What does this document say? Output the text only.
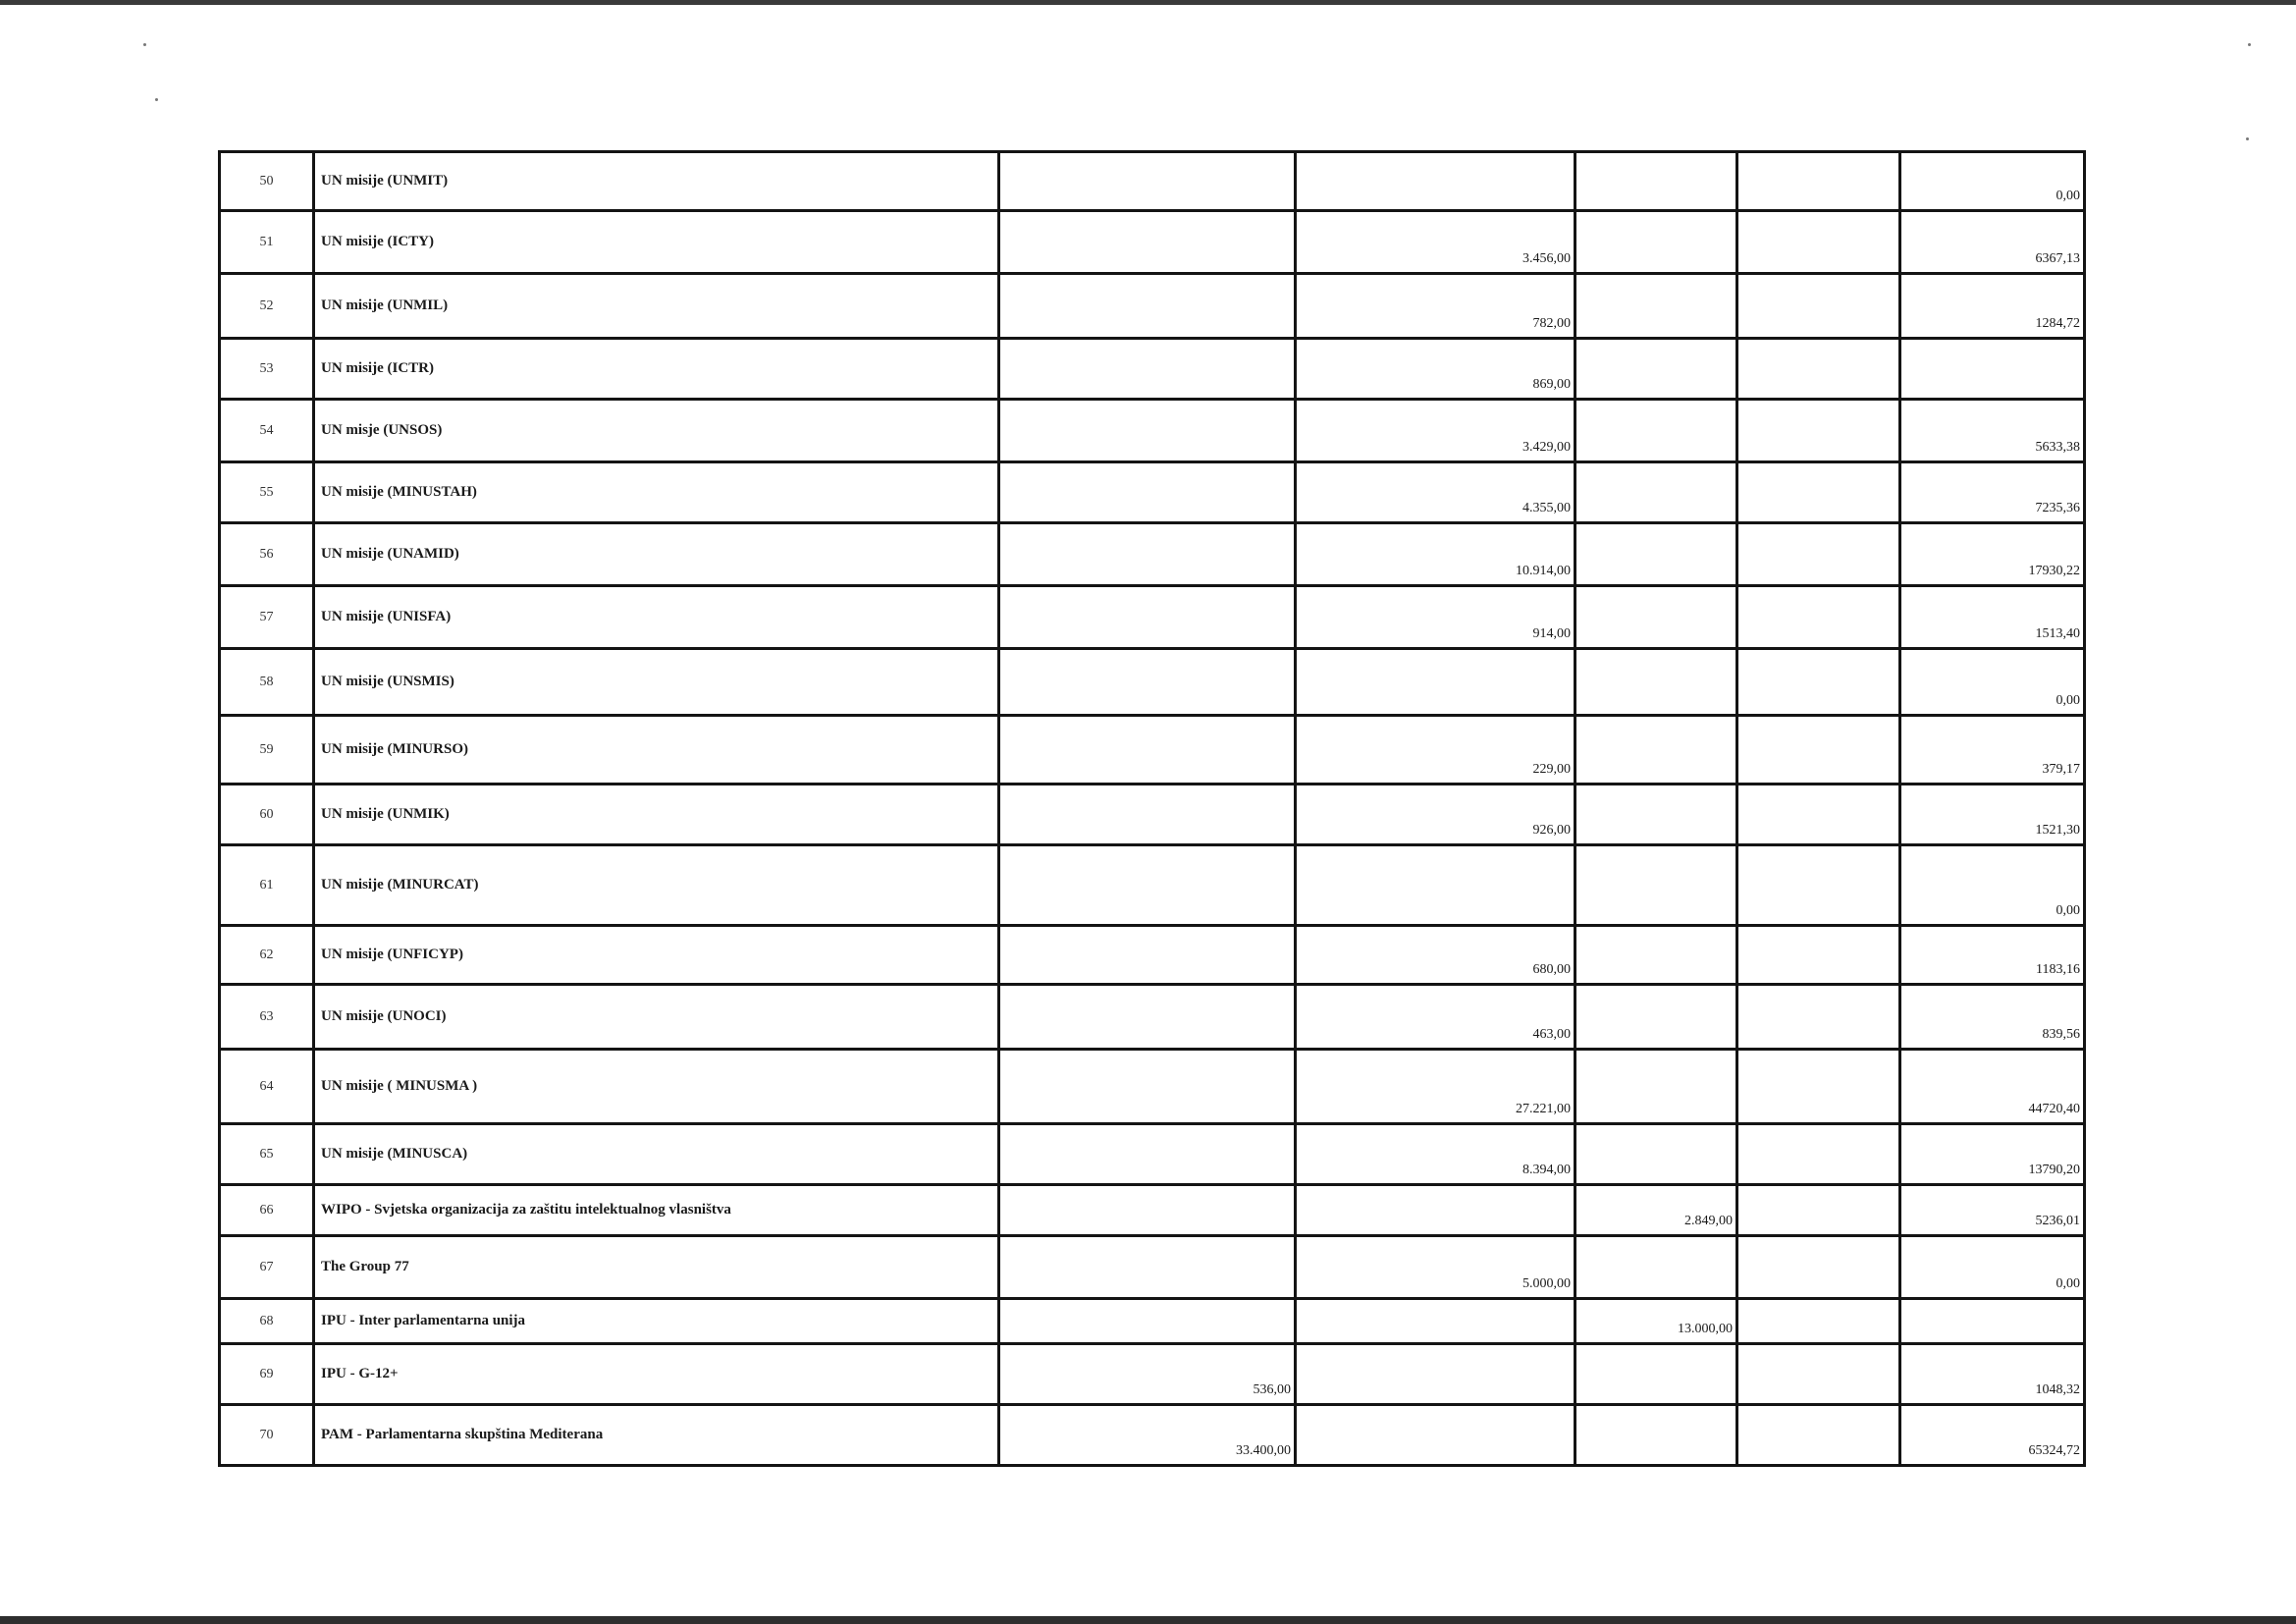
50	UN misije (UNMIT)					0,00
51	UN misije (ICTY)		3.456,00			6367,13
52	UN misije (UNMIL)		782,00			1284,72
53	UN misije (ICTR)		869,00			
54	UN misje (UNSOS)		3.429,00			5633,38
55	UN misije (MINUSTAH)		4.355,00			7235,36
56	UN misije (UNAMID)		10.914,00			17930,22
57	UN misije (UNISFA)		914,00			1513,40
58	UN misije (UNSMIS)					0,00
59	UN misije (MINURSO)		229,00			379,17
60	UN misije (UNMIK)		926,00			1521,30
61	UN misije (MINURCAT)					0,00
62	UN misije (UNFICYP)		680,00			1183,16
63	UN misije (UNOCI)		463,00			839,56
64	UN misije ( MINUSMA )		27.221,00			44720,40
65	UN misije (MINUSCA)		8.394,00			13790,20
66	WIPO - Svjetska organizacija za zaštitu intelektualnog vlasništva			2.849,00		5236,01
67	The Group 77		5.000,00			0,00
68	IPU - Inter parlamentarna unija			13.000,00		
69	IPU - G-12+	536,00				1048,32
70	PAM - Parlamentarna skupština Mediterana	33.400,00				65324,72
